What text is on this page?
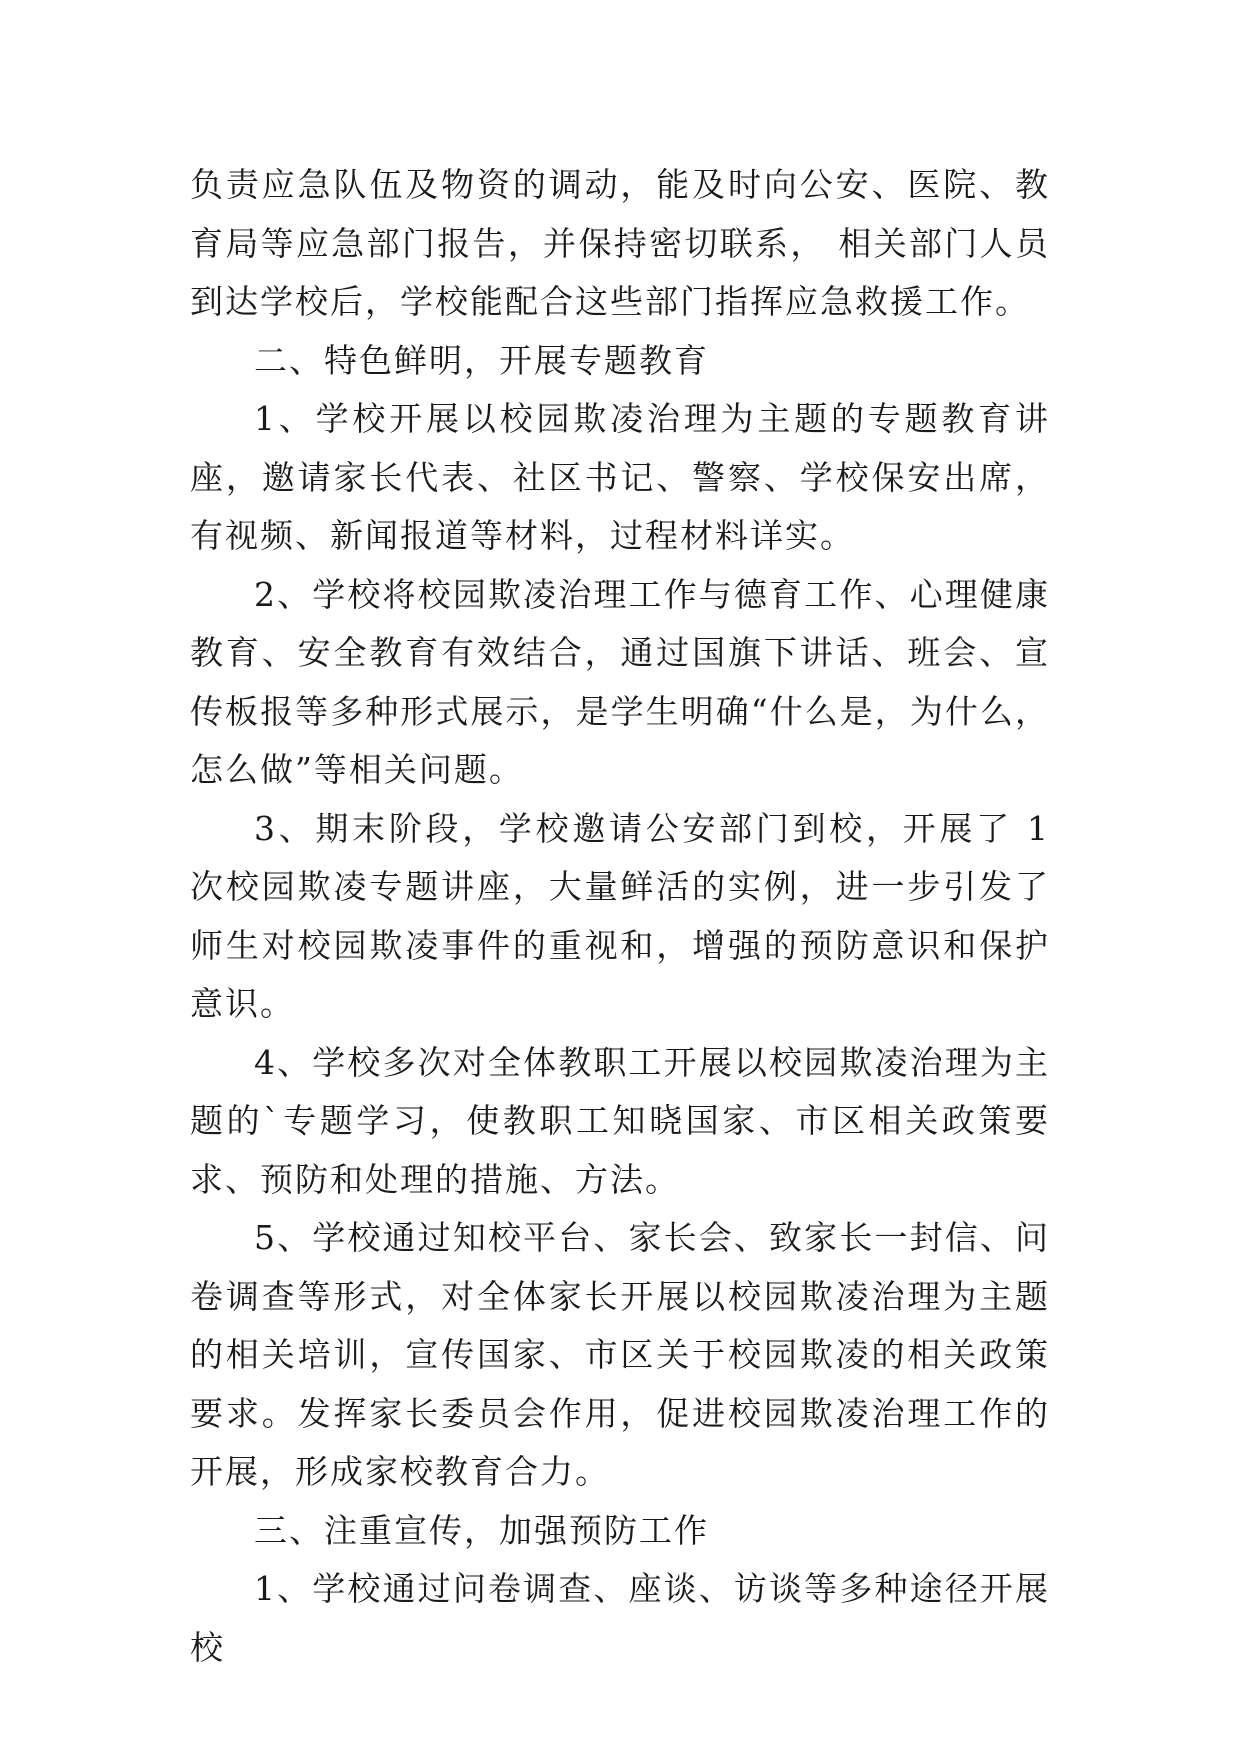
负责应急队伍及物资的调动，能及时向公安、医院、教育局等应急部门报告，并保持密切联系， 相关部门人员到达学校后，学校能配合这些部门指挥应急救援工作。

二、特色鲜明，开展专题教育

1、学校开展以校园欺凌治理为主题的专题教育讲座，邀请家长代表、社区书记、警察、学校保安出席，有视频、新闻报道等材料，过程材料详实。

2、学校将校园欺凌治理工作与德育工作、心理健康教育、安全教育有效结合，通过国旗下讲话、班会、宣传板报等多种形式展示，是学生明确“什么是，为什么，怎么做”等相关问题。

3、期末阶段，学校邀请公安部门到校，开展了 1 次校园欺凌专题讲座，大量鲜活的实例，进一步引发了师生对校园欺凌事件的重视和，增强的预防意识和保护意识。

4、学校多次对全体教职工开展以校园欺凌治理为主题的`专题学习，使教职工知晓国家、市区相关政策要求、预防和处理的措施、方法。

5、学校通过知校平台、家长会、致家长一封信、问卷调查等形式，对全体家长开展以校园欺凌治理为主题的相关培训，宣传国家、市区关于校园欺凌的相关政策要求。发挥家长委员会作用，促进校园欺凌治理工作的开展，形成家校教育合力。

三、注重宣传，加强预防工作

1、学校通过问卷调查、座谈、访谈等多种途径开展校
